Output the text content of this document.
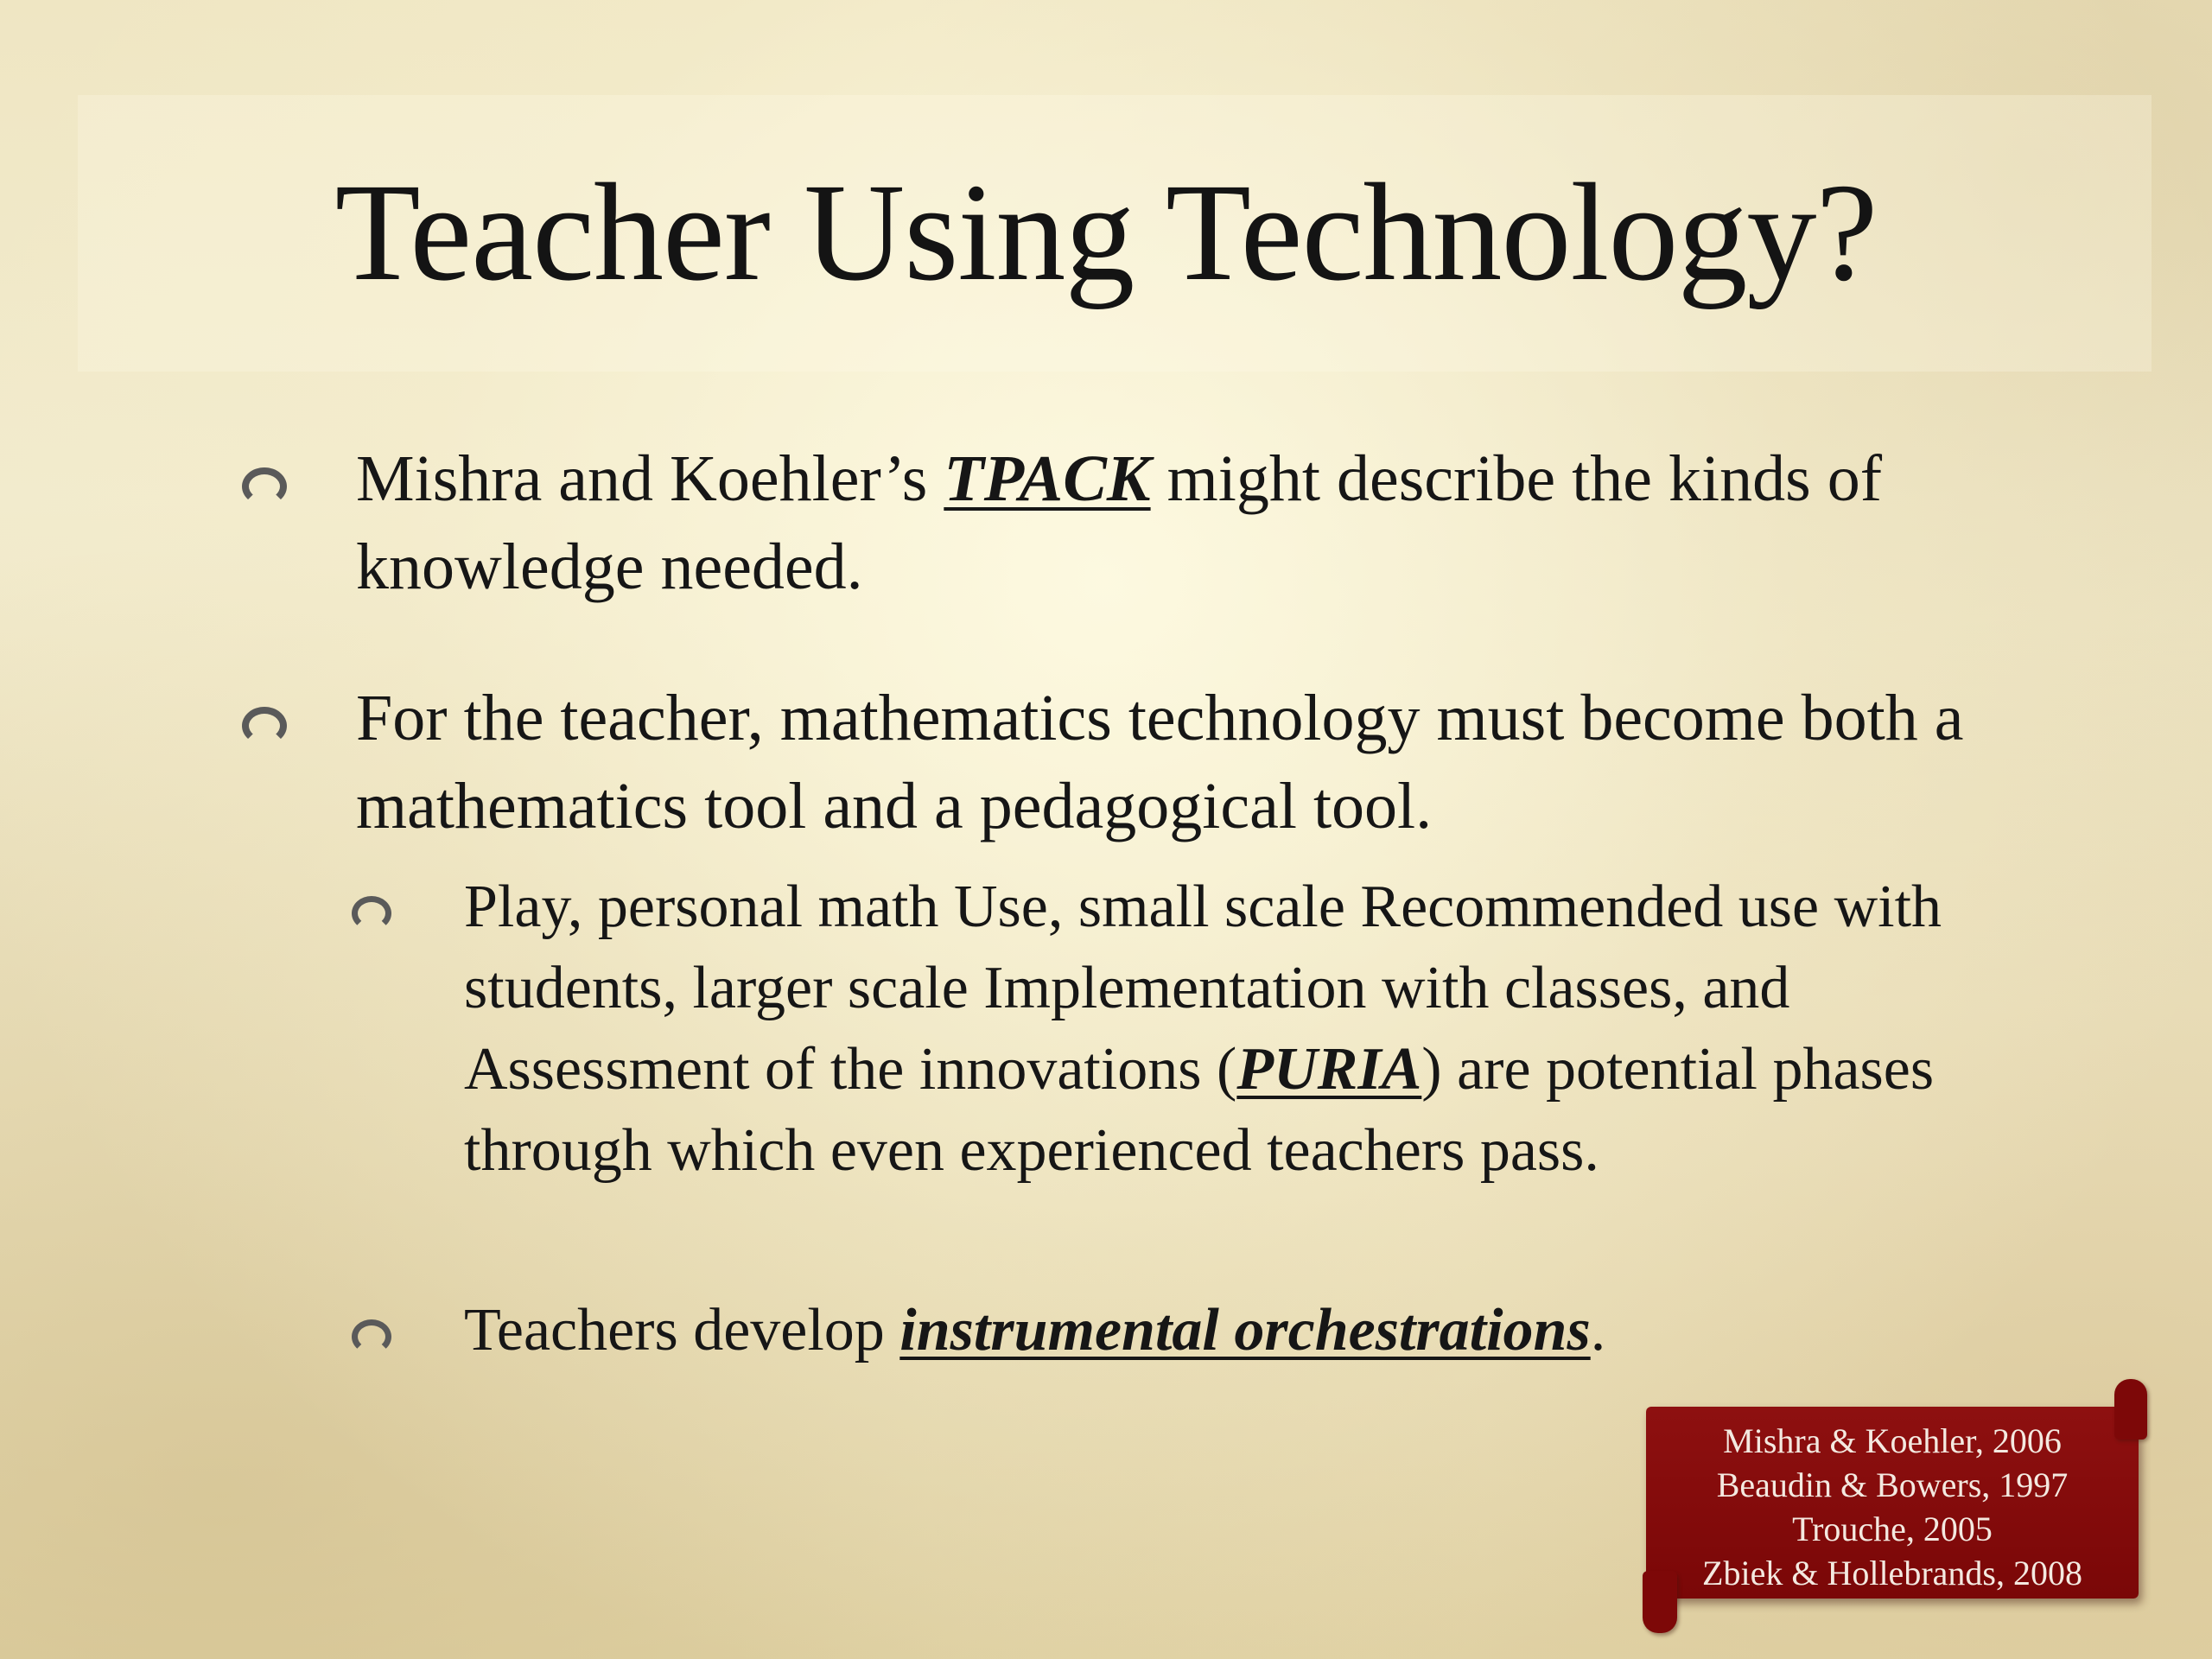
Teacher Using Technology?
Mishra and Koehler’s TPACK might describe the kinds of knowledge needed.
For the teacher, mathematics technology must become both a mathematics tool and a pedagogical tool.
Play, personal math Use, small scale Recommended use with students, larger scale Implementation with classes, and Assessment of the innovations (PURIA) are potential phases through which even experienced teachers pass.
Teachers develop instrumental orchestrations.
Mishra & Koehler, 2006
Beaudin & Bowers, 1997
Trouche, 2005
Zbiek & Hollebrands, 2008
